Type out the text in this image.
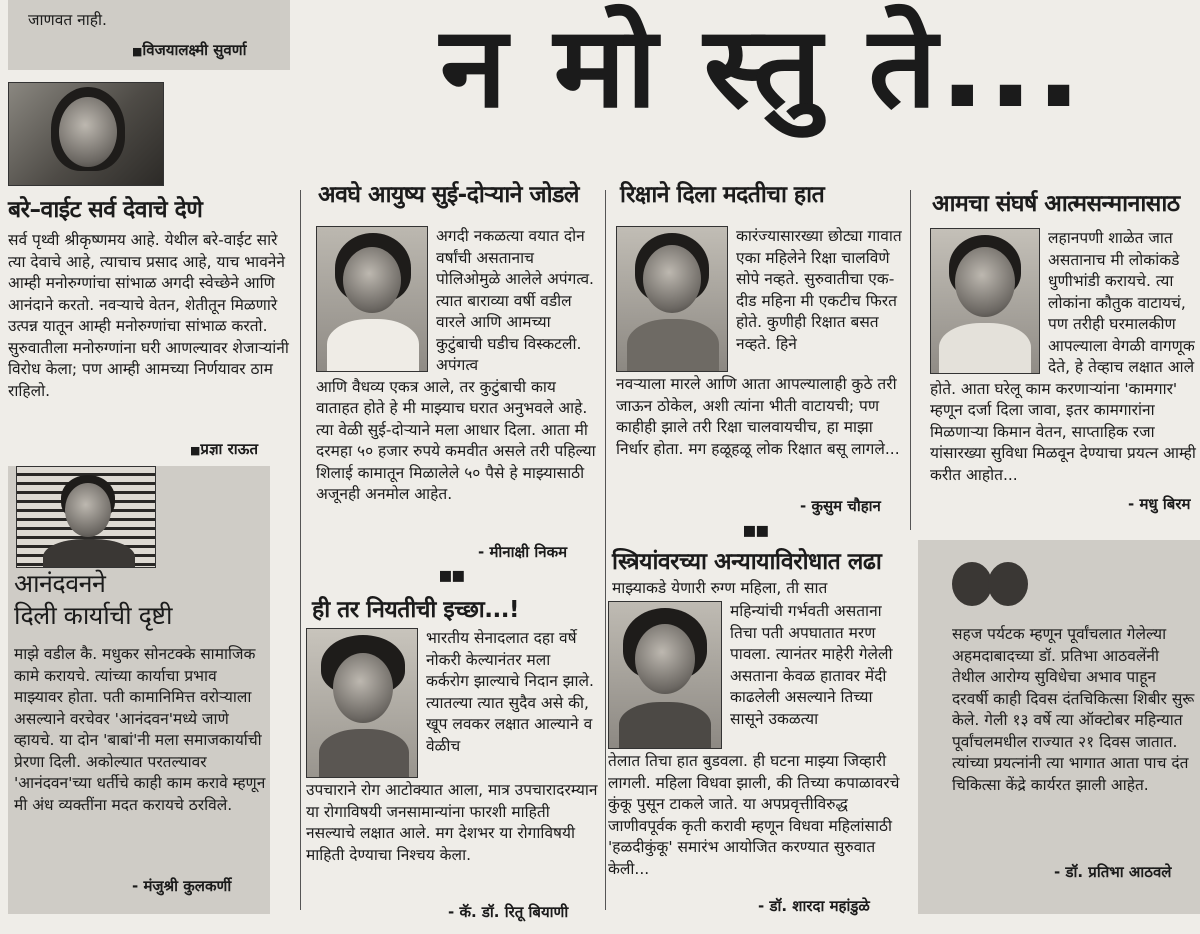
न मो स्तु ते...
जाणवत नाही.
■ विजयालक्ष्मी सुवर्णा
बरे–वाईट सर्व देवाचे देणे
सर्व पृथ्वी श्रीकृष्णमय आहे. येथील बरे-वाईट सारे त्या देवाचे आहे, त्याचाच प्रसाद आहे, याच भावनेने आम्ही मनोरुग्णांचा सांभाळ अगदी स्वेच्छेने आणि आनंदाने करतो. नवऱ्याचे वेतन, शेतीतून मिळणारे उत्पन्न यातून आम्ही मनोरुग्णांचा सांभाळ करतो. सुरुवातीला मनोरुग्णांना घरी आणल्यावर शेजाऱ्यांनी विरोध केला; पण आम्ही आमच्या निर्णयावर ठाम राहिलो.
■ प्रज्ञा राऊत
आनंदवनने
दिली कार्याची दृष्टी
माझे वडील कै. मधुकर सोनटक्के सामाजिक कामे करायचे. त्यांच्या कार्याचा प्रभाव माझ्यावर होता. पती कामानिमित्त वरोऱ्याला असल्याने वरचेवर 'आनंदवन'मध्ये जाणे व्हायचे. या दोन 'बाबां'नी मला समाजकार्याची प्रेरणा दिली. अकोल्यात परतल्यावर 'आनंदवन'च्या धर्तीचे काही काम करावे म्हणून मी अंध व्यक्तींना मदत करायचे ठरविले.
- मंजुश्री कुलकर्णी
अवघे आयुष्य सुई-दोऱ्याने जोडले
अगदी नकळत्या वयात दोन वर्षांची असतानाच पोलिओमुळे आलेले अपंगत्व. त्यात बाराव्या वर्षी वडील वारले आणि आमच्या कुटुंबाची घडीच विस्कटली. अपंगत्व
आणि वैधव्य एकत्र आले, तर कुटुंबाची काय वाताहत होते हे मी माझ्याच घरात अनुभवले आहे. त्या वेळी सुई-दोऱ्याने मला आधार दिला. आता मी दरमहा ५० हजार रुपये कमवीत असले तरी पहिल्या शिलाई कामातून मिळालेले ५० पैसे हे माझ्यासाठी अजूनही अनमोल आहेत.
- मीनाक्षी निकम
▪▪
ही तर नियतीची इच्छा...!
भारतीय सेनादलात दहा वर्षे नोकरी केल्यानंतर मला कर्करोग झाल्याचे निदान झाले. त्यातल्या त्यात सुदैव असे की, खूप लवकर लक्षात आल्याने व वेळीच
उपचाराने रोग आटोक्यात आला, मात्र उपचारादरम्यान या रोगाविषयी जनसामान्यांना फारशी माहिती नसल्याचे लक्षात आले. मग देशभर या रोगाविषयी माहिती देण्याचा निश्चय केला.
- कॅ. डॉ. रितू बियाणी
रिक्षाने दिला मदतीचा हात
कारंज्यासारख्या छोट्या गावात एका महिलेने रिक्षा चालविणे सोपे नव्हते. सुरुवातीचा एक-दीड महिना मी एकटीच फिरत होते. कुणीही रिक्षात बसत नव्हते. हिने
नवऱ्याला मारले आणि आता आपल्यालाही कुठे तरी जाऊन ठोकेल, अशी त्यांना भीती वाटायची; पण काहीही झाले तरी रिक्षा चालवायचीच, हा माझा निर्धार होता. मग हळूहळू लोक रिक्षात बसू लागले...
- कुसुम चौहान
▪▪
स्त्रियांवरच्या अन्यायाविरोधात लढा
माझ्याकडे येणारी रुग्ण महिला, ती सात
महिन्यांची गर्भवती असताना तिचा पती अपघातात मरण पावला. त्यानंतर माहेरी गेलेली असताना केवळ हातावर मेंदी काढलेली असल्याने तिच्या सासूने उकळत्या
तेलात तिचा हात बुडवला. ही घटना माझ्या जिव्हारी लागली. महिला विधवा झाली, की तिच्या कपाळावरचे कुंकू पुसून टाकले जाते. या अपप्रवृत्तीविरुद्ध जाणीवपूर्वक कृती करावी म्हणून विधवा महिलांसाठी 'हळदीकुंकू' समारंभ आयोजित करण्यात सुरुवात केली...
- डॉ. शारदा महांडुळे
आमचा संघर्ष आत्मसन्मानासाठ
लहानपणी शाळेत जात असतानाच मी लोकांकडे धुणीभांडी करायचे. त्या लोकांना कौतुक वाटायचं, पण तरीही घरमालकीण आपल्याला वेगळी वागणूक देते, हे तेव्हाच लक्षात आले
होते. आता घरेलू काम करणाऱ्यांना 'कामगार' म्हणून दर्जा दिला जावा, इतर कामगारांना मिळणाऱ्या किमान वेतन, साप्ताहिक रजा यांसारख्या सुविधा मिळवून देण्याचा प्रयत्न आम्ही करीत आहोत...
- मधु बिरम
सहज पर्यटक म्हणून पूर्वांचलात गेलेल्या अहमदाबादच्या डॉ. प्रतिभा आठवलेंनी तेथील आरोग्य सुविधेचा अभाव पाहून दरवर्षी काही दिवस दंतचिकित्सा शिबीर सुरू केले. गेली १३ वर्षे त्या ऑक्टोबर महिन्यात पूर्वांचलमधील राज्यात २१ दिवस जातात. त्यांच्या प्रयत्नांनी त्या भागात आता पाच दंत चिकित्सा केंद्रे कार्यरत झाली आहेत.
- डॉ. प्रतिभा आठवले
